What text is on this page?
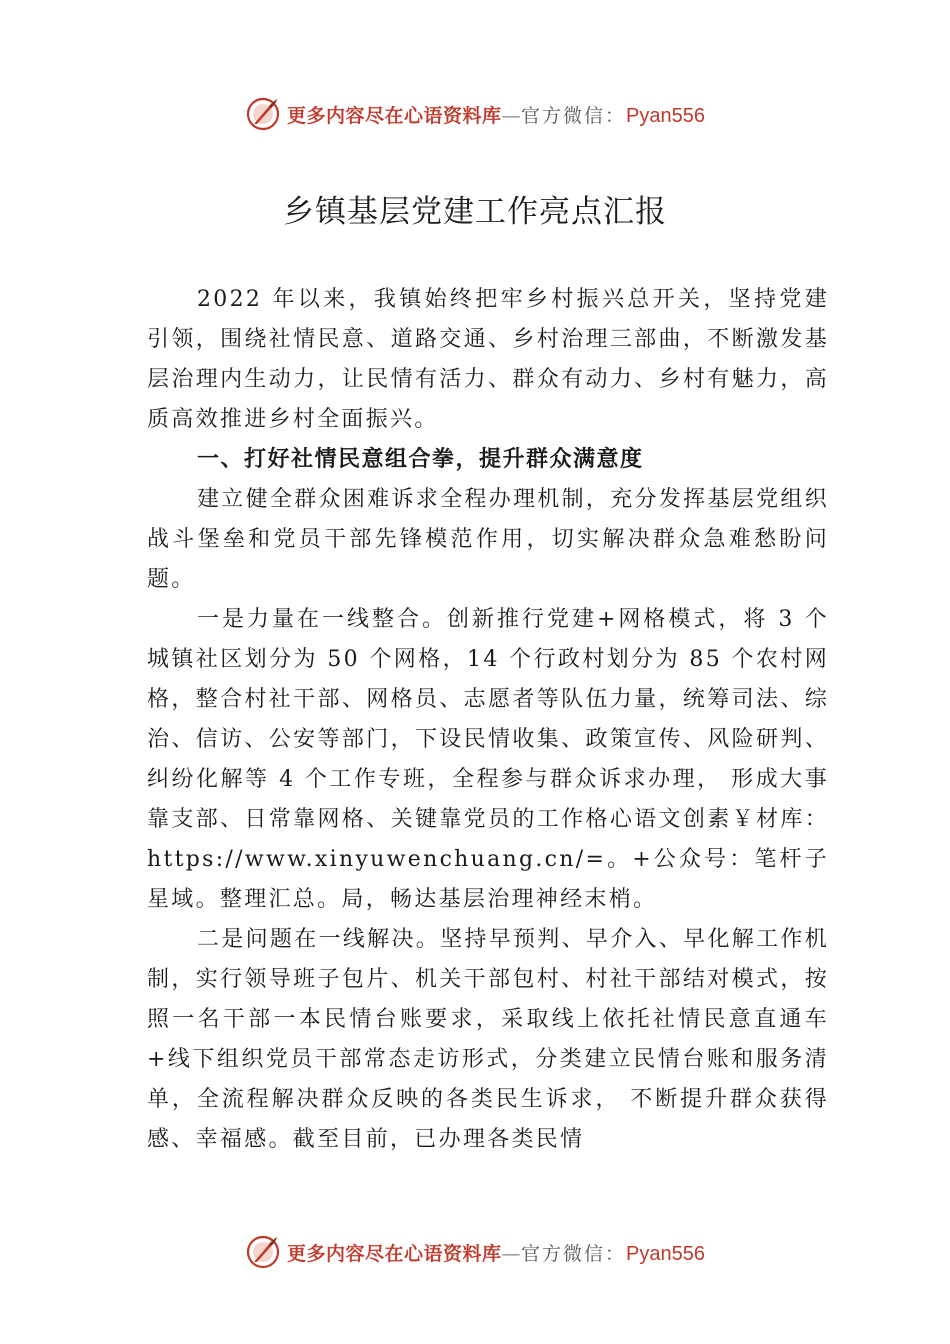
更多内容尽在心语资料库—官方微信：Pyan556
乡镇基层党建工作亮点汇报

2022 年以来，我镇始终把牢乡村振兴总开关，坚持党建引领，围绕社情民意、道路交通、乡村治理三部曲，不断激发基层治理内生动力，让民情有活力、群众有动力、乡村有魅力，高质高效推进乡村全面振兴。

一、打好社情民意组合拳，提升群众满意度

建立健全群众困难诉求全程办理机制，充分发挥基层党组织战斗堡垒和党员干部先锋模范作用，切实解决群众急难愁盼问题。

一是力量在一线整合。创新推行党建+网格模式，将 3 个城镇社区划分为 50 个网格，14 个行政村划分为 85 个农村网格，整合村社干部、网格员、志愿者等队伍力量，统筹司法、综治、信访、公安等部门，下设民情收集、政策宣传、风险研判、纠纷化解等 4 个工作专班，全程参与群众诉求办理， 形成大事靠支部、日常靠网格、关键靠党员的工作格心语文创素￥材库：https://www.xinyuwenchuang.cn/=。+公众号：笔杆子星域。整理汇总。局，畅达基层治理神经末梢。

二是问题在一线解决。坚持早预判、早介入、早化解工作机制，实行领导班子包片、机关干部包村、村社干部结对模式，按照一名干部一本民情台账要求，采取线上依托社情民意直通车+线下组织党员干部常态走访形式，分类建立民情台账和服务清单，全流程解决群众反映的各类民生诉求， 不断提升群众获得感、幸福感。截至目前，已办理各类民情

更多内容尽在心语资料库—官方微信：Pyan556
